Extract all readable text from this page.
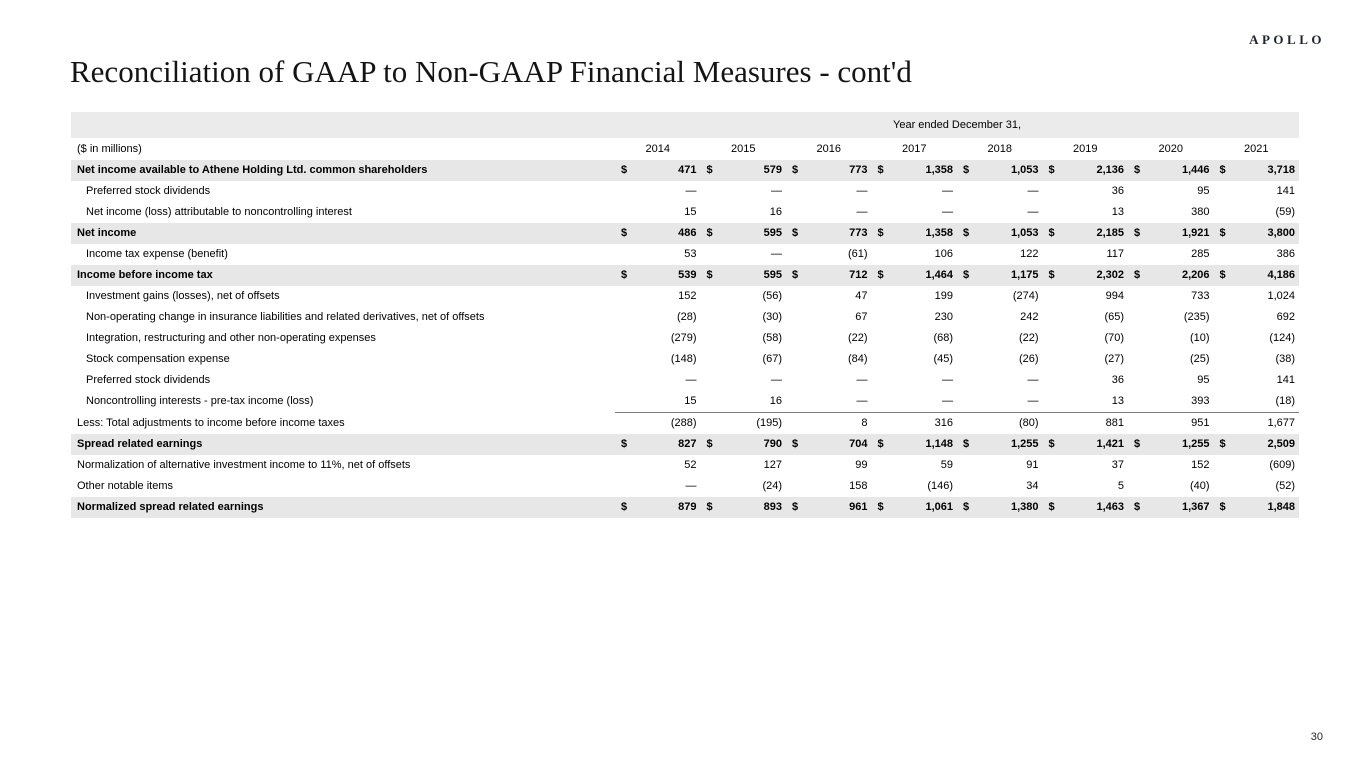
APOLLO
Reconciliation of GAAP to Non-GAAP Financial Measures - cont'd
	Year ended December 31,															
($ in millions)	2014		2015		2016		2017		2018		2019		2020		2021	
Net income available to Athene Holding Ltd. common shareholders	$	471	$	579	$	773	$	1,358	$	1,053	$	2,136	$	1,446	$	3,718
Preferred stock dividends		—		—		—		—		—		36		95		141
Net income (loss) attributable to noncontrolling interest		15		16		—		—		—		13		380		(59)
Net income	$	486	$	595	$	773	$	1,358	$	1,053	$	2,185	$	1,921	$	3,800
Income tax expense (benefit)		53		—		(61)		106		122		117		285		386
Income before income tax	$	539	$	595	$	712	$	1,464	$	1,175	$	2,302	$	2,206	$	4,186
Investment gains (losses), net of offsets		152		(56)		47		199		(274)		994		733		1,024
Non-operating change in insurance liabilities and related derivatives, net of offsets		(28)		(30)		67		230		242		(65)		(235)		692
Integration, restructuring and other non-operating expenses		(279)		(58)		(22)		(68)		(22)		(70)		(10)		(124)
Stock compensation expense		(148)		(67)		(84)		(45)		(26)		(27)		(25)		(38)
Preferred stock dividends		—		—		—		—		—		36		95		141
Noncontrolling interests - pre-tax income (loss)		15		16		—		—		—		13		393		(18)
Less: Total adjustments to income before income taxes		(288)		(195)		8		316		(80)		881		951		1,677
Spread related earnings	$	827	$	790	$	704	$	1,148	$	1,255	$	1,421	$	1,255	$	2,509
Normalization of alternative investment income to 11%, net of offsets		52		127		99		59		91		37		152		(609)
Other notable items		—		(24)		158		(146)		34		5		(40)		(52)
Normalized spread related earnings	$	879	$	893	$	961	$	1,061	$	1,380	$	1,463	$	1,367	$	1,848
30
